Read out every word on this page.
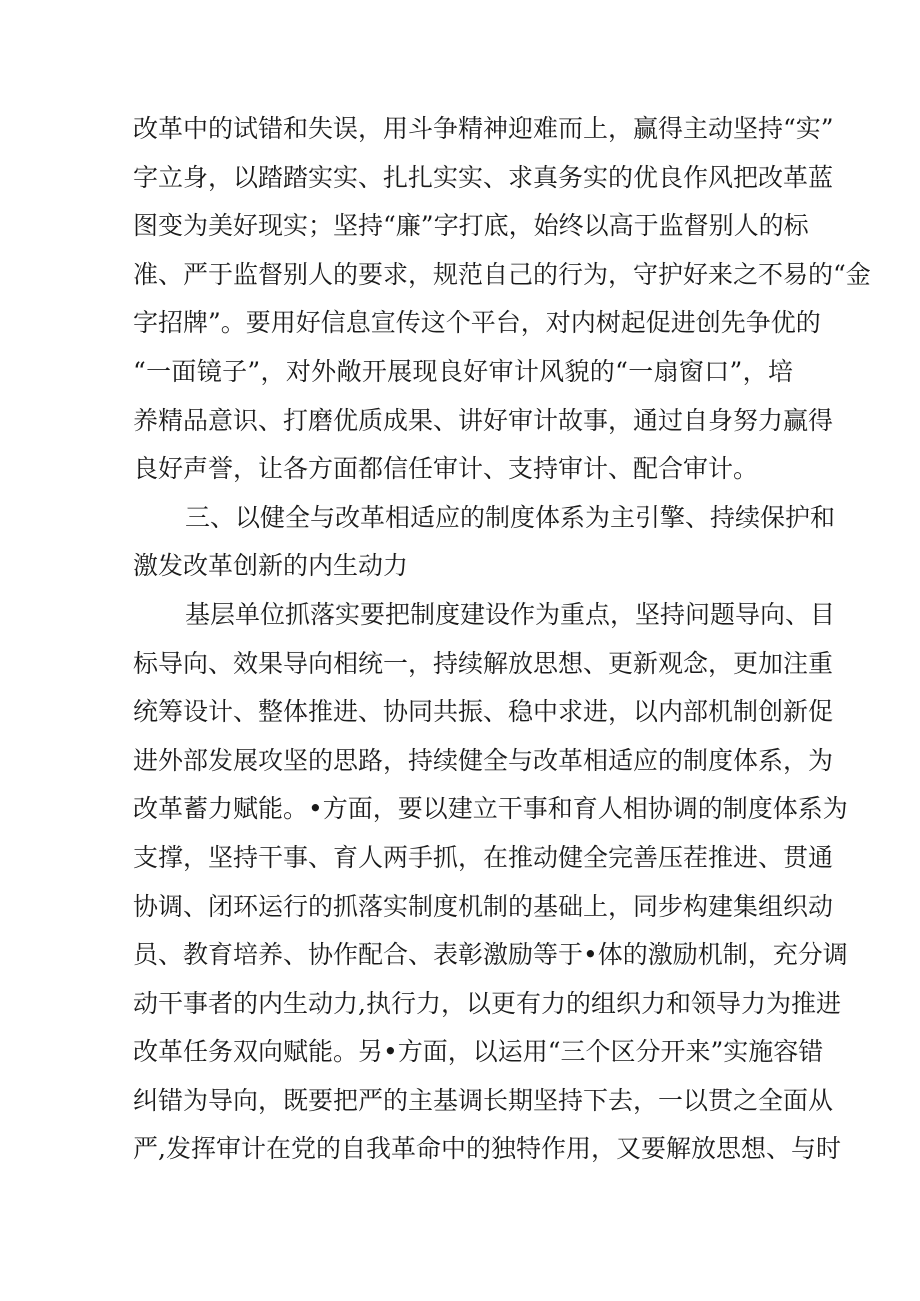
改革中的试错和失误，用斗争精神迎难而上，赢得主动坚持“实”
字立身，以踏踏实实、扎扎实实、求真务实的优良作风把改革蓝
图变为美好现实；坚持“廉”字打底，始终以高于监督别人的标
准、严于监督别人的要求，规范自己的行为，守护好来之不易的“金
字招牌”。要用好信息宣传这个平台，对内树起促进创先争优的
“一面镜子”，对外敞开展现良好审计风貌的“一扇窗口”，培
养精品意识、打磨优质成果、讲好审计故事，通过自身努力赢得
良好声誉，让各方面都信任审计、支持审计、配合审计。
三、以健全与改革相适应的制度体系为主引擎、持续保护和
激发改革创新的内生动力
基层单位抓落实要把制度建设作为重点，坚持问题导向、目
标导向、效果导向相统一，持续解放思想、更新观念，更加注重
统筹设计、整体推进、协同共振、稳中求进，以内部机制创新促
进外部发展攻坚的思路，持续健全与改革相适应的制度体系，为
改革蓄力赋能。•方面，要以建立干事和育人相协调的制度体系为
支撑，坚持干事、育人两手抓，在推动健全完善压茬推进、贯通
协调、闭环运行的抓落实制度机制的基础上，同步构建集组织动
员、教育培养、协作配合、表彰激励等于•体的激励机制，充分调
动干事者的内生动力,执行力，以更有力的组织力和领导力为推进
改革任务双向赋能。另•方面，以运用“三个区分开来”实施容错
纠错为导向，既要把严的主基调长期坚持下去，一以贯之全面从
严,发挥审计在党的自我革命中的独特作用，又要解放思想、与时
